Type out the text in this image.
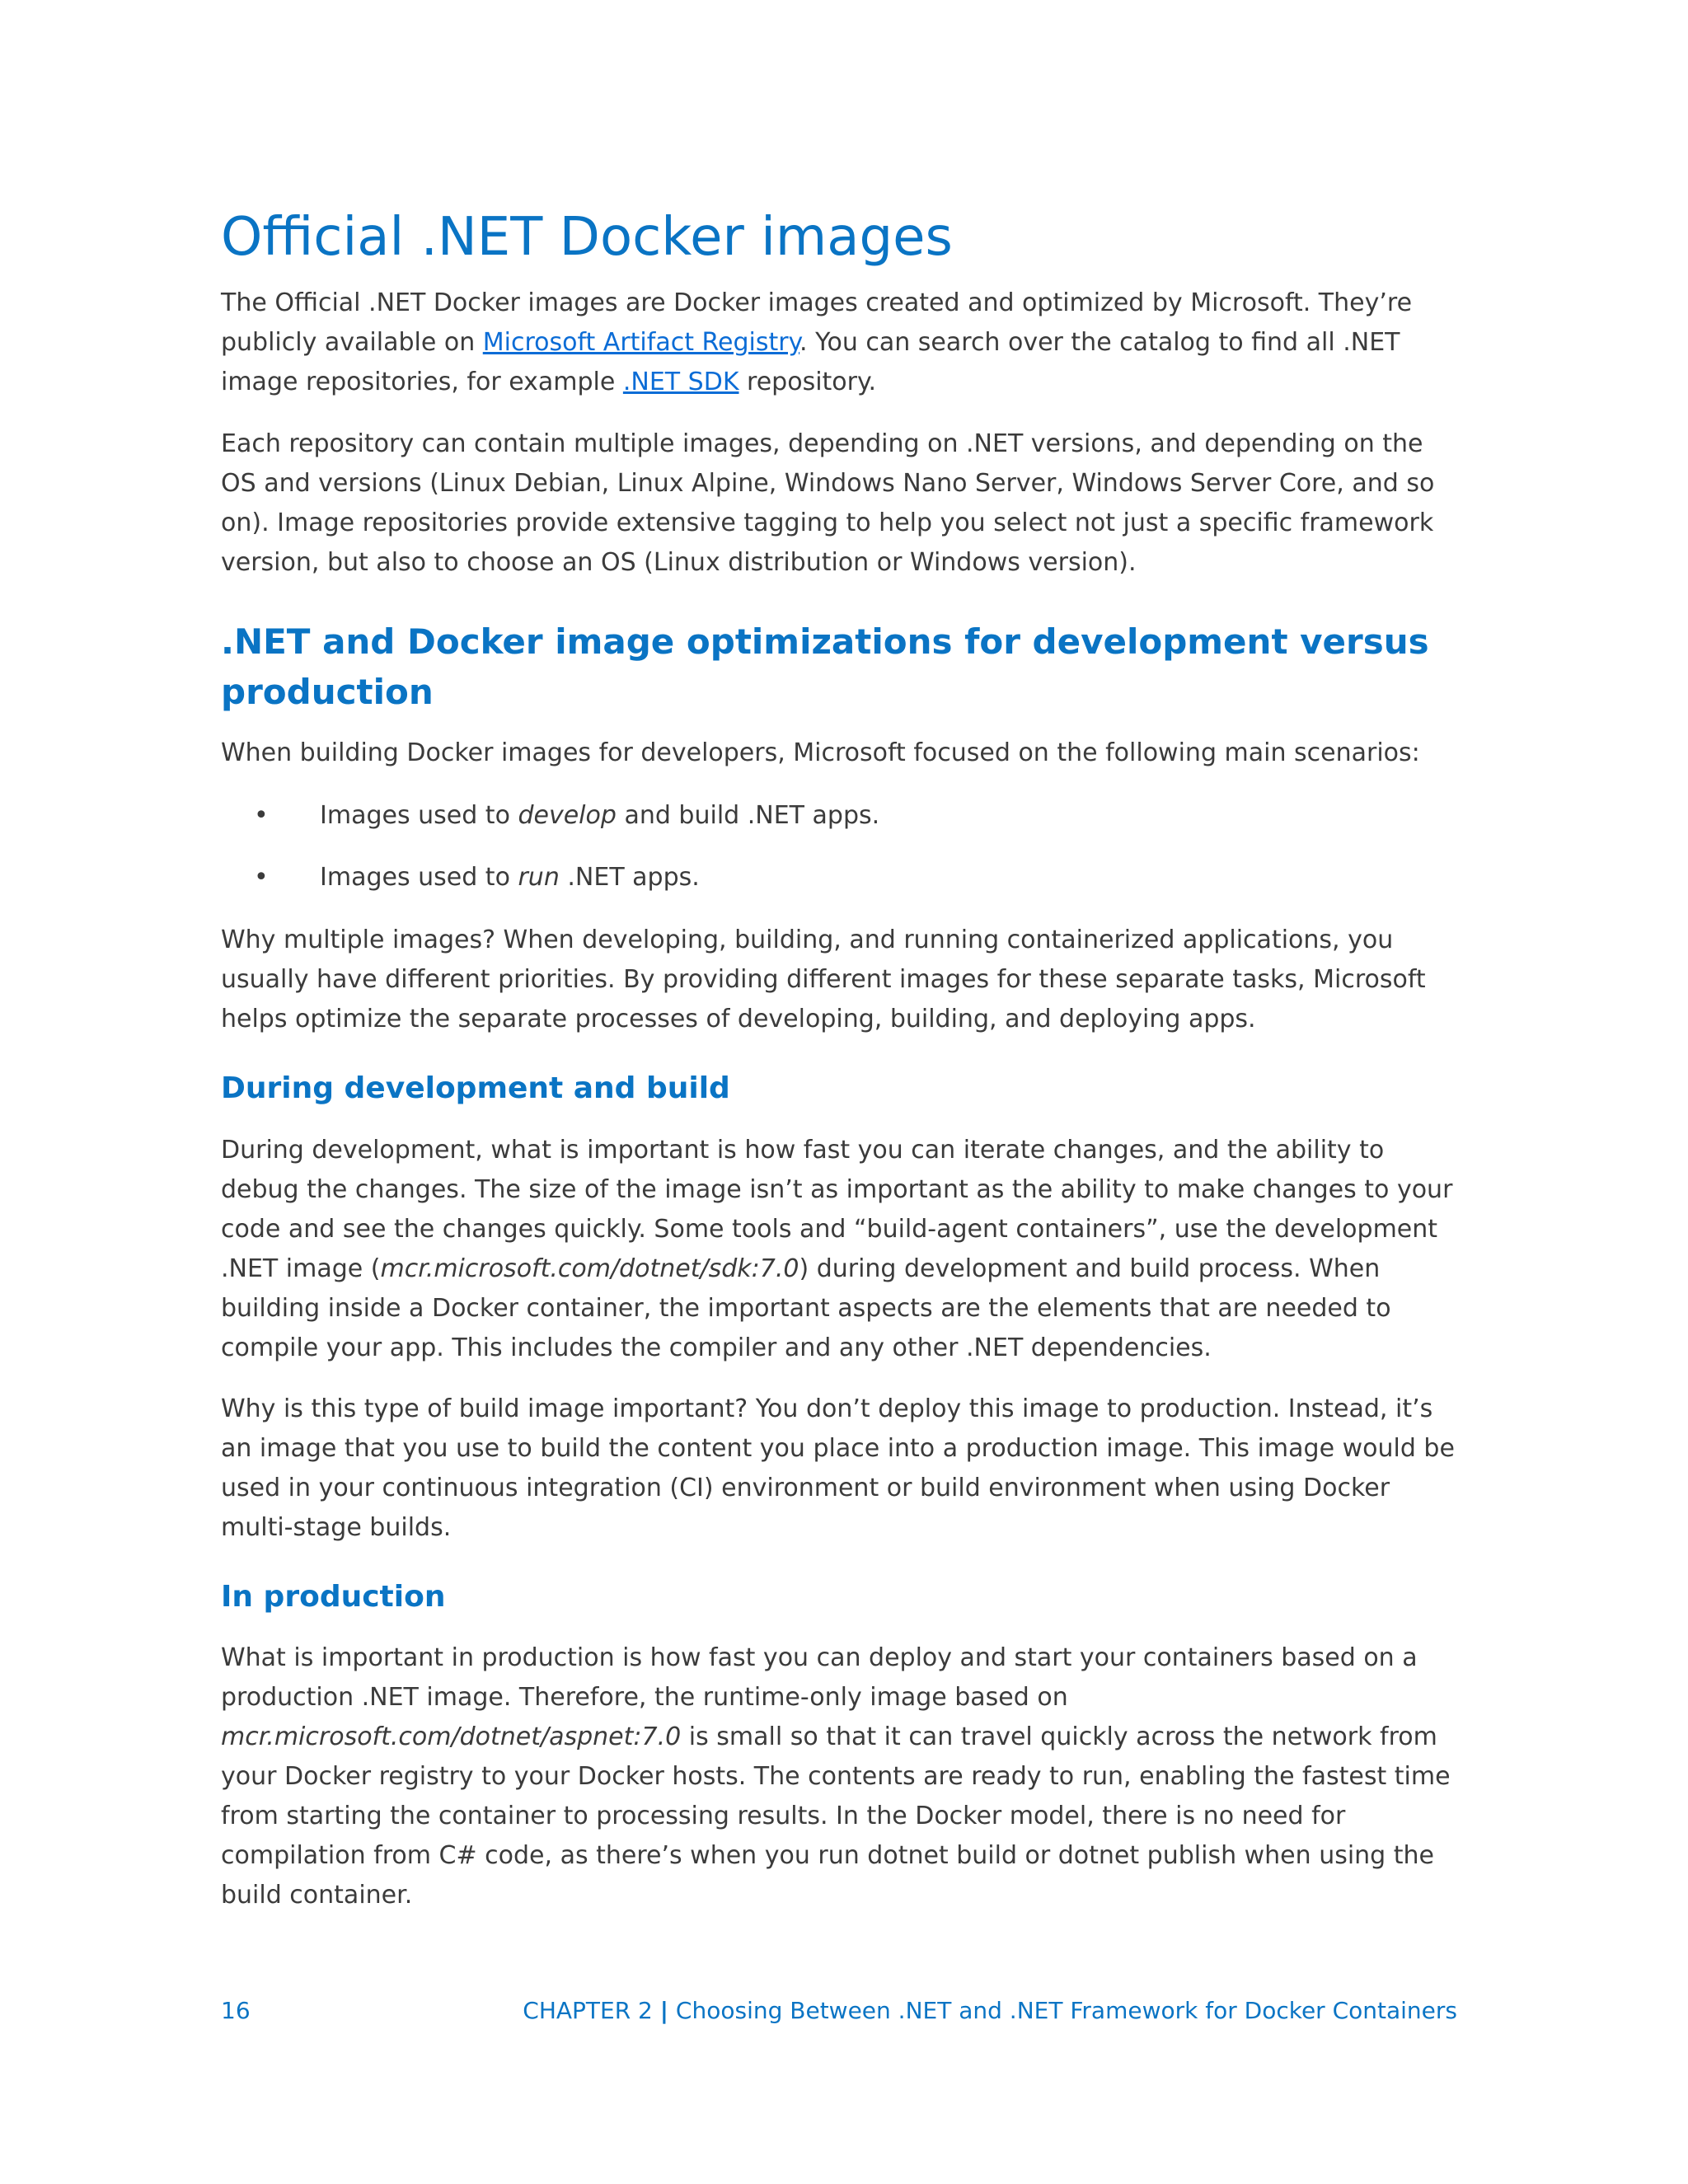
Official .NET Docker images

The Official .NET Docker images are Docker images created and optimized by Microsoft. They’re publicly available on Microsoft Artifact Registry. You can search over the catalog to find all .NET image repositories, for example .NET SDK repository.

Each repository can contain multiple images, depending on .NET versions, and depending on the OS and versions (Linux Debian, Linux Alpine, Windows Nano Server, Windows Server Core, and so on). Image repositories provide extensive tagging to help you select not just a specific framework version, but also to choose an OS (Linux distribution or Windows version).

.NET and Docker image optimizations for development versus production

When building Docker images for developers, Microsoft focused on the following main scenarios:

• Images used to develop and build .NET apps.
• Images used to run .NET apps.

Why multiple images? When developing, building, and running containerized applications, you usually have different priorities. By providing different images for these separate tasks, Microsoft helps optimize the separate processes of developing, building, and deploying apps.

During development and build

During development, what is important is how fast you can iterate changes, and the ability to debug the changes. The size of the image isn’t as important as the ability to make changes to your code and see the changes quickly. Some tools and “build-agent containers”, use the development .NET image (mcr.microsoft.com/dotnet/sdk:7.0) during development and build process. When building inside a Docker container, the important aspects are the elements that are needed to compile your app. This includes the compiler and any other .NET dependencies.

Why is this type of build image important? You don’t deploy this image to production. Instead, it’s an image that you use to build the content you place into a production image. This image would be used in your continuous integration (CI) environment or build environment when using Docker multi-stage builds.

In production

What is important in production is how fast you can deploy and start your containers based on a production .NET image. Therefore, the runtime-only image based on mcr.microsoft.com/dotnet/aspnet:7.0 is small so that it can travel quickly across the network from your Docker registry to your Docker hosts. The contents are ready to run, enabling the fastest time from starting the container to processing results. In the Docker model, there is no need for compilation from C# code, as there’s when you run dotnet build or dotnet publish when using the build container.

16	CHAPTER 2 | Choosing Between .NET and .NET Framework for Docker Containers
